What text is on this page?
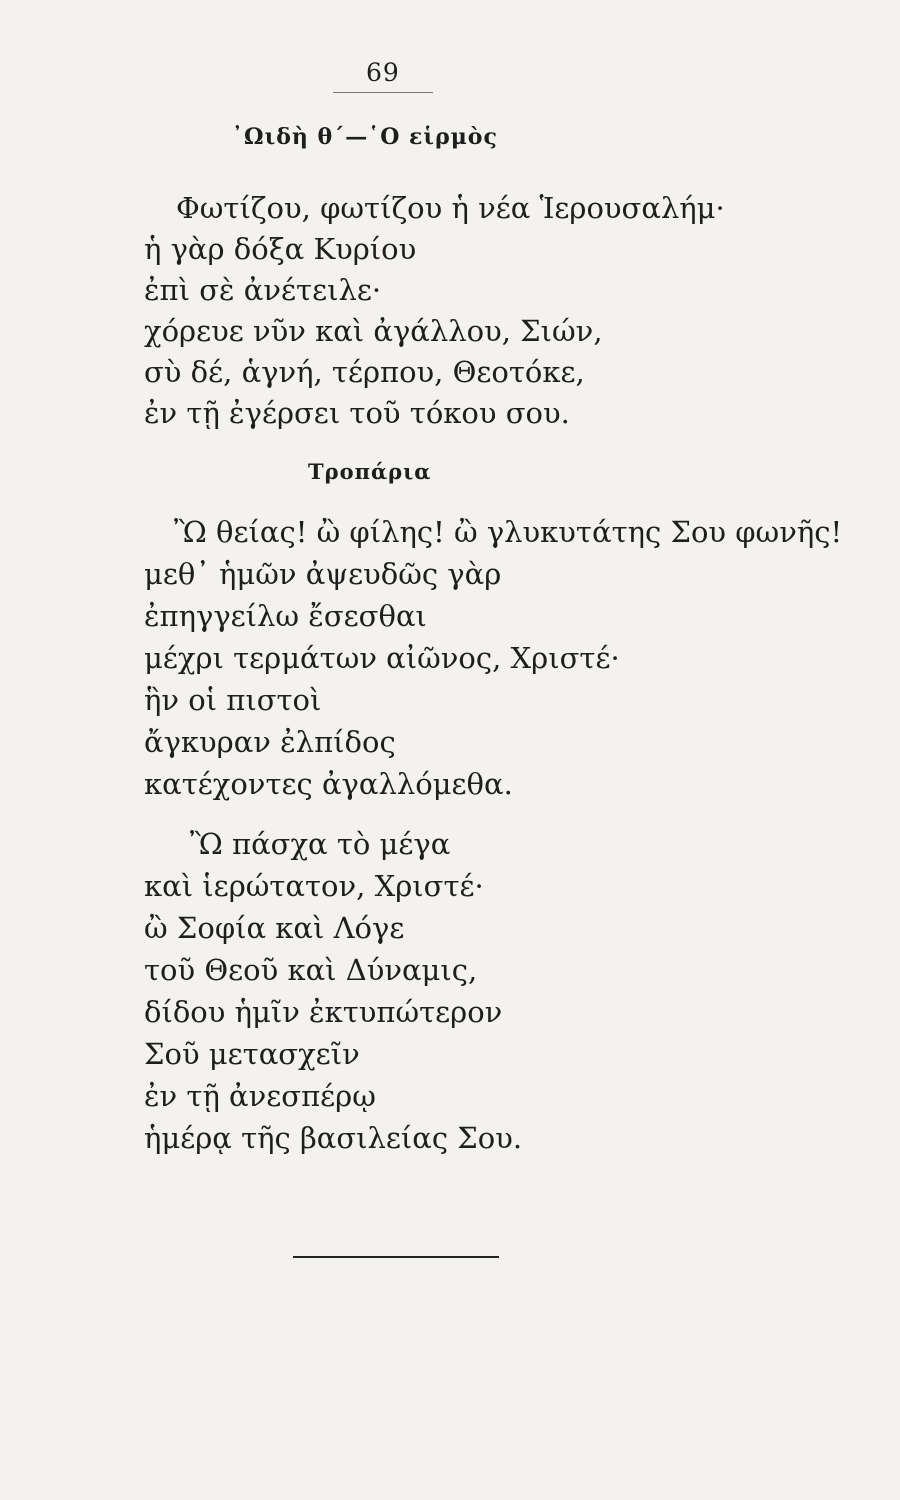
69
᾿Ωιδὴ θ΄—῾Ο εἱρμὸς
Φωτίζου, φωτίζου ἡ νέα Ἱερουσαλήμ·
ἡ γὰρ δόξα Κυρίου
ἐπὶ σὲ ἀνέτειλε·
χόρευε νῦν καὶ ἀγάλλου, Σιών,
σὺ δέ, ἁγνή, τέρπου, Θεοτόκε,
ἐν τῇ ἐγέρσει τοῦ τόκου σου.
Τροπάρια
Ὢ θείας! ὢ φίλης! ὢ γλυκυτάτης Σου φωνῆς!
μεθ᾿ ἡμῶν ἀψευδῶς γὰρ
ἐπηγγείλω ἔσεσθαι
μέχρι τερμάτων αἰῶνος, Χριστέ·
ἣν οἱ πιστοὶ
ἄγκυραν ἐλπίδος
κατέχοντες ἀγαλλόμεθα.
Ὢ πάσχα τὸ μέγα
καὶ ἱερώτατον, Χριστέ·
ὢ Σοφία καὶ Λόγε
τοῦ Θεοῦ καὶ Δύναμις,
δίδου ἡμῖν ἐκτυπώτερον
Σοῦ μετασχεῖν
ἐν τῇ ἀνεσπέρῳ
ἡμέρᾳ τῆς βασιλείας Σου.
